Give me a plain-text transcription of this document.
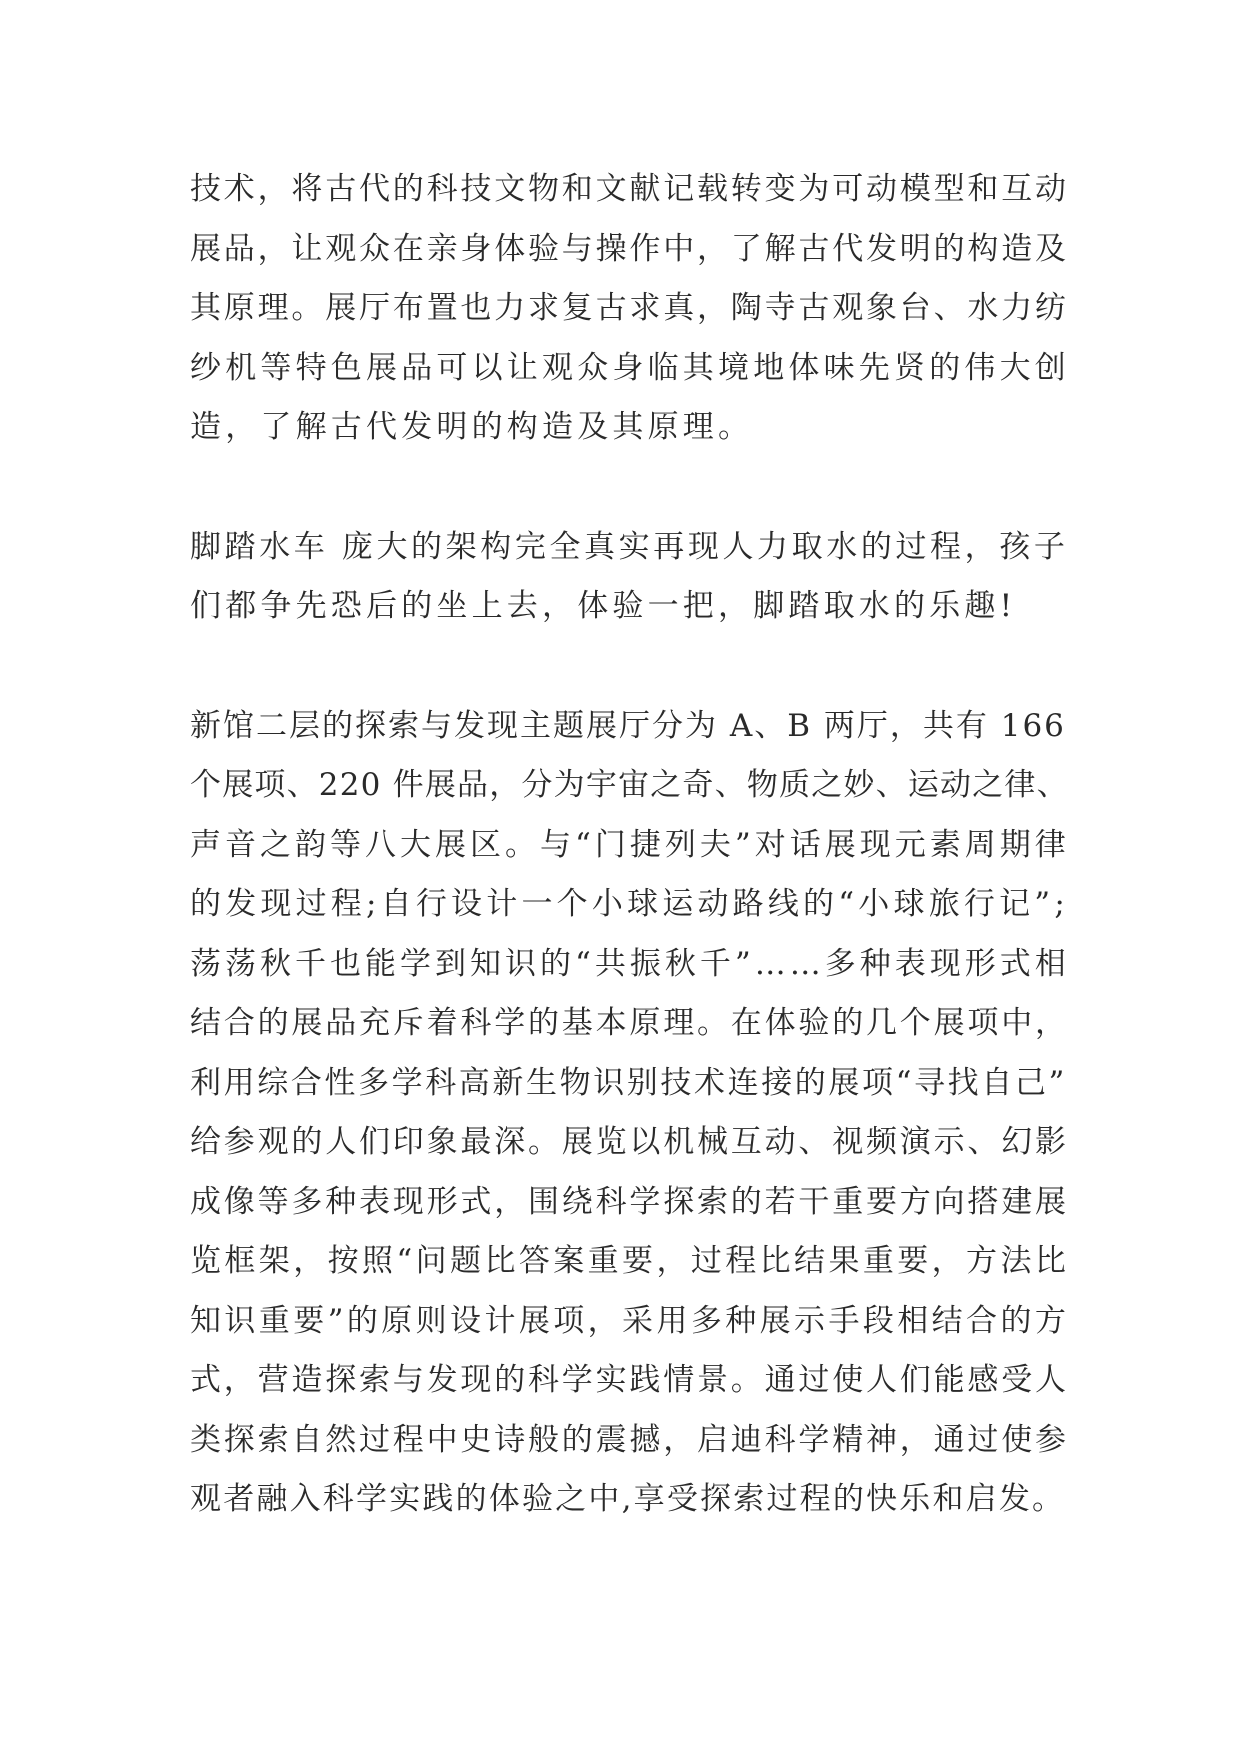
技术，将古代的科技文物和文献记载转变为可动模型和互动
展品，让观众在亲身体验与操作中，了解古代发明的构造及
其原理。展厅布置也力求复古求真，陶寺古观象台、水力纺
纱机等特色展品可以让观众身临其境地体味先贤的伟大创
造，了解古代发明的构造及其原理。
脚踏水车 庞大的架构完全真实再现人力取水的过程，孩子
们都争先恐后的坐上去，体验一把，脚踏取水的乐趣!
新馆二层的探索与发现主题展厅分为 A、B 两厅，共有 166
个展项、220 件展品，分为宇宙之奇、物质之妙、运动之律、
声音之韵等八大展区。与“门捷列夫”对话展现元素周期律
的发现过程;自行设计一个小球运动路线的“小球旅行记”;
荡荡秋千也能学到知识的“共振秋千”……多种表现形式相
结合的展品充斥着科学的基本原理。在体验的几个展项中，
利用综合性多学科高新生物识别技术连接的展项“寻找自己”
给参观的人们印象最深。展览以机械互动、视频演示、幻影
成像等多种表现形式，围绕科学探索的若干重要方向搭建展
览框架，按照“问题比答案重要，过程比结果重要，方法比
知识重要”的原则设计展项，采用多种展示手段相结合的方
式，营造探索与发现的科学实践情景。通过使人们能感受人
类探索自然过程中史诗般的震撼，启迪科学精神，通过使参
观者融入科学实践的体验之中,享受探索过程的快乐和启发。
